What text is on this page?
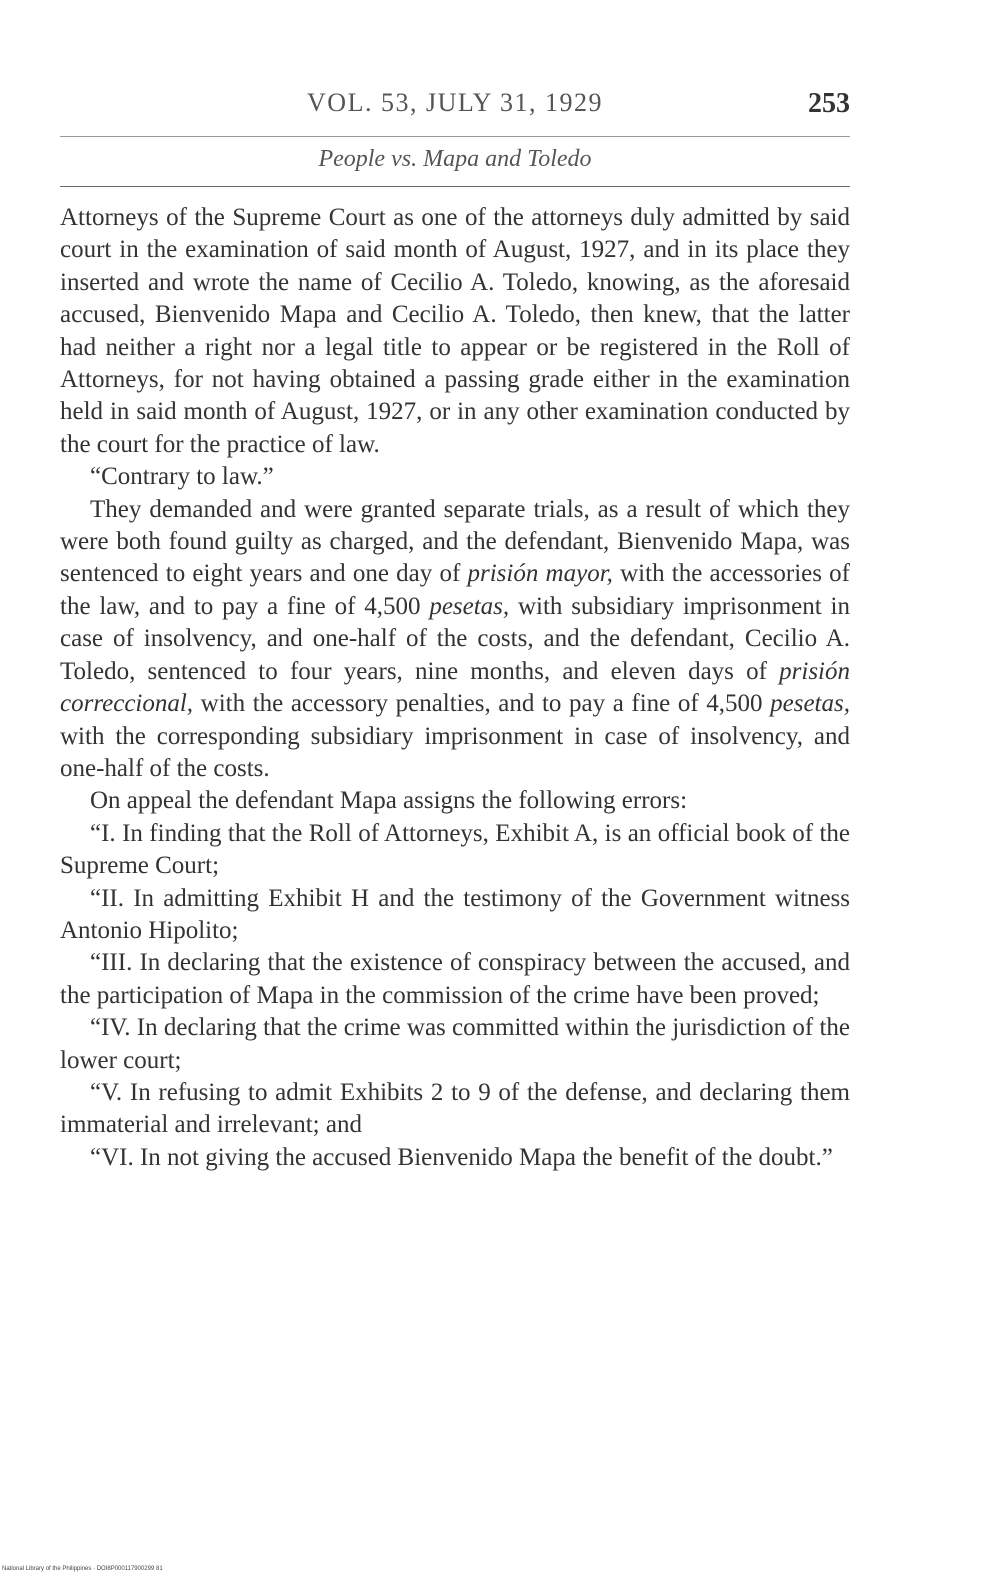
VOL. 53, JULY 31, 1929	253
People vs. Mapa and Toledo

Attorneys of the Supreme Court as one of the attorneys duly admitted by said court in the examination of said month of August, 1927, and in its place they inserted and wrote the name of Cecilio A. Toledo, knowing, as the aforesaid accused, Bienvenido Mapa and Cecilio A. Toledo, then knew, that the latter had neither a right nor a legal title to appear or be registered in the Roll of Attorneys, for not having obtained a passing grade either in the examination held in said month of August, 1927, or in any other examination conducted by the court for the practice of law.

“Contrary to law.”

They demanded and were granted separate trials, as a result of which they were both found guilty as charged, and the defendant, Bienvenido Mapa, was sentenced to eight years and one day of prisión mayor, with the accessories of the law, and to pay a fine of 4,500 pesetas, with subsidiary imprisonment in case of insolvency, and one-half of the costs, and the defendant, Cecilio A. Toledo, sentenced to four years, nine months, and eleven days of prisión correccional, with the accessory penalties, and to pay a fine of 4,500 pesetas, with the corresponding subsidiary imprisonment in case of insolvency, and one-half of the costs.

On appeal the defendant Mapa assigns the following errors:

“I. In finding that the Roll of Attorneys, Exhibit A, is an official book of the Supreme Court;

“II. In admitting Exhibit H and the testimony of the Government witness Antonio Hipolito;

“III. In declaring that the existence of conspiracy between the accused, and the participation of Mapa in the commission of the crime have been proved;

“IV. In declaring that the crime was committed within the jurisdiction of the lower court;

“V. In refusing to admit Exhibits 2 to 9 of the defense, and declaring them immaterial and irrelevant; and

“VI. In not giving the accused Bienvenido Mapa the benefit of the doubt.”

National Library of the Philippines · DOI8P000117900299 81
